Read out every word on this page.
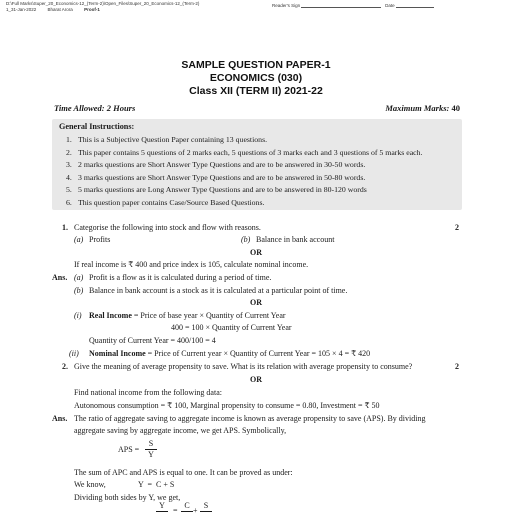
D:\Full Marks\Super_20_Economics-12_(Term-2)\Open_Files\Super_20_Economics-12_(Term-2)
1_31-Jan-2022	Bharat Arora	Proof-1
Reader's Sign	Date
SAMPLE QUESTION PAPER-1
ECONOMICS (030)
Class XII (TERM II) 2021-22
Time Allowed: 2 Hours	Maximum Marks: 40
General Instructions:
1. This is a Subjective Question Paper containing 13 questions.
2. This paper contains 5 questions of 2 marks each, 5 questions of 3 marks each and 3 questions of 5 marks each.
3. 2 marks questions are Short Answer Type Questions and are to be answered in 30-50 words.
4. 3 marks questions are Short Answer Type Questions and are to be answered in 50-80 words.
5. 5 marks questions are Long Answer Type Questions and are to be answered in 80-120 words
6. This question paper contains Case/Source Based Questions.
1. Categorise the following into stock and flow with reasons.	2
(a) Profits	(b) Balance in bank account
OR
If real income is ₹ 400 and price index is 105, calculate nominal income.
Ans. (a) Profit is a flow as it is calculated during a period of time.
(b) Balance in bank account is a stock as it is calculated at a particular point of time.
OR
(i) Real Income = Price of base year × Quantity of Current Year
400 = 100 × Quantity of Current Year
Quantity of Current Year = 400/100 = 4
(ii) Nominal Income = Price of Current year × Quantity of Current Year = 105 × 4 = ₹ 420
2. Give the meaning of average propensity to save. What is its relation with average propensity to consume?	2
OR
Find national income from the following data:
Autonomous consumption = ₹ 100, Marginal propensity to consume = 0.80, Investment = ₹ 50
Ans. The ratio of aggregate saving to aggregate income is known as average propensity to save (APS). By dividing
aggregate saving by aggregate income, we get APS. Symbolically,
APS =
S
Y
The sum of APC and APS is equal to one. It can be proved as under:
We know,	Y  =  C + S
Dividing both sides by Y, we get,
Y
=
C
+
S
